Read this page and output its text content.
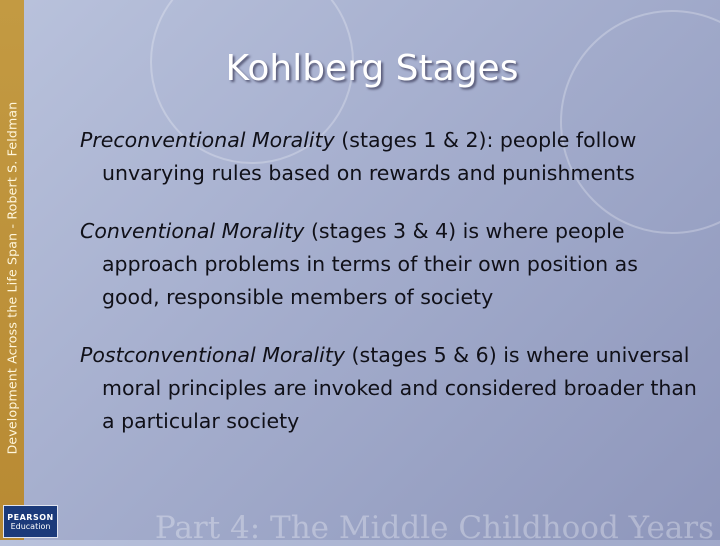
Development Across the Life Span - Robert S. Feldman
Kohlberg Stages
Preconventional Morality (stages 1 & 2): people follow unvarying rules based on rewards and punishments
Conventional Morality (stages 3 & 4) is where people approach problems in terms of their own position as good, responsible members of society
Postconventional Morality (stages 5 & 6) is where universal moral principles are invoked and considered broader than a particular society
PEARSON
Education	Part 4: The Middle Childhood Years
